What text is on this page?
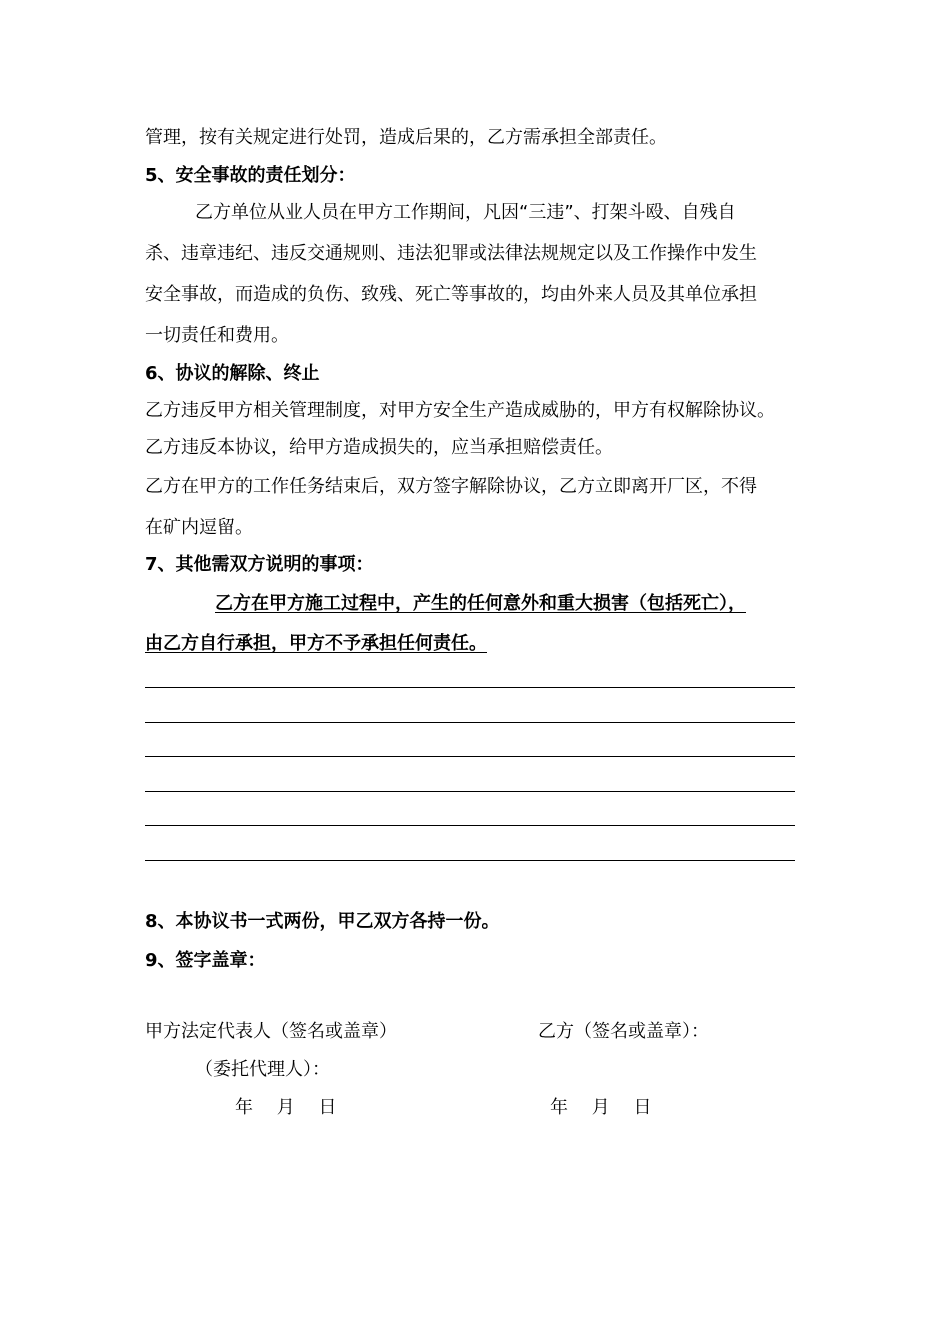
管理，按有关规定进行处罚，造成后果的，乙方需承担全部责任。
5、安全事故的责任划分：
乙方单位从业人员在甲方工作期间，凡因“三违”、打架斗殴、自残自
杀、违章违纪、违反交通规则、违法犯罪或法律法规规定以及工作操作中发生
安全事故，而造成的负伤、致残、死亡等事故的，均由外来人员及其单位承担
一切责任和费用。
6、协议的解除、终止
乙方违反甲方相关管理制度，对甲方安全生产造成威胁的，甲方有权解除协议。
乙方违反本协议，给甲方造成损失的，应当承担赔偿责任。
乙方在甲方的工作任务结束后，双方签字解除协议，乙方立即离开厂区，不得
在矿内逗留。
7、其他需双方说明的事项：
乙方在甲方施工过程中，产生的任何意外和重大损害（包括死亡），
由乙方自行承担，甲方不予承担任何责任。
8、本协议书一式两份，甲乙双方各持一份。
9、签字盖章：
甲方法定代表人（签名或盖章）	乙方（签名或盖章）：
（委托代理人）：
年　 月　 日	年　 月　 日
